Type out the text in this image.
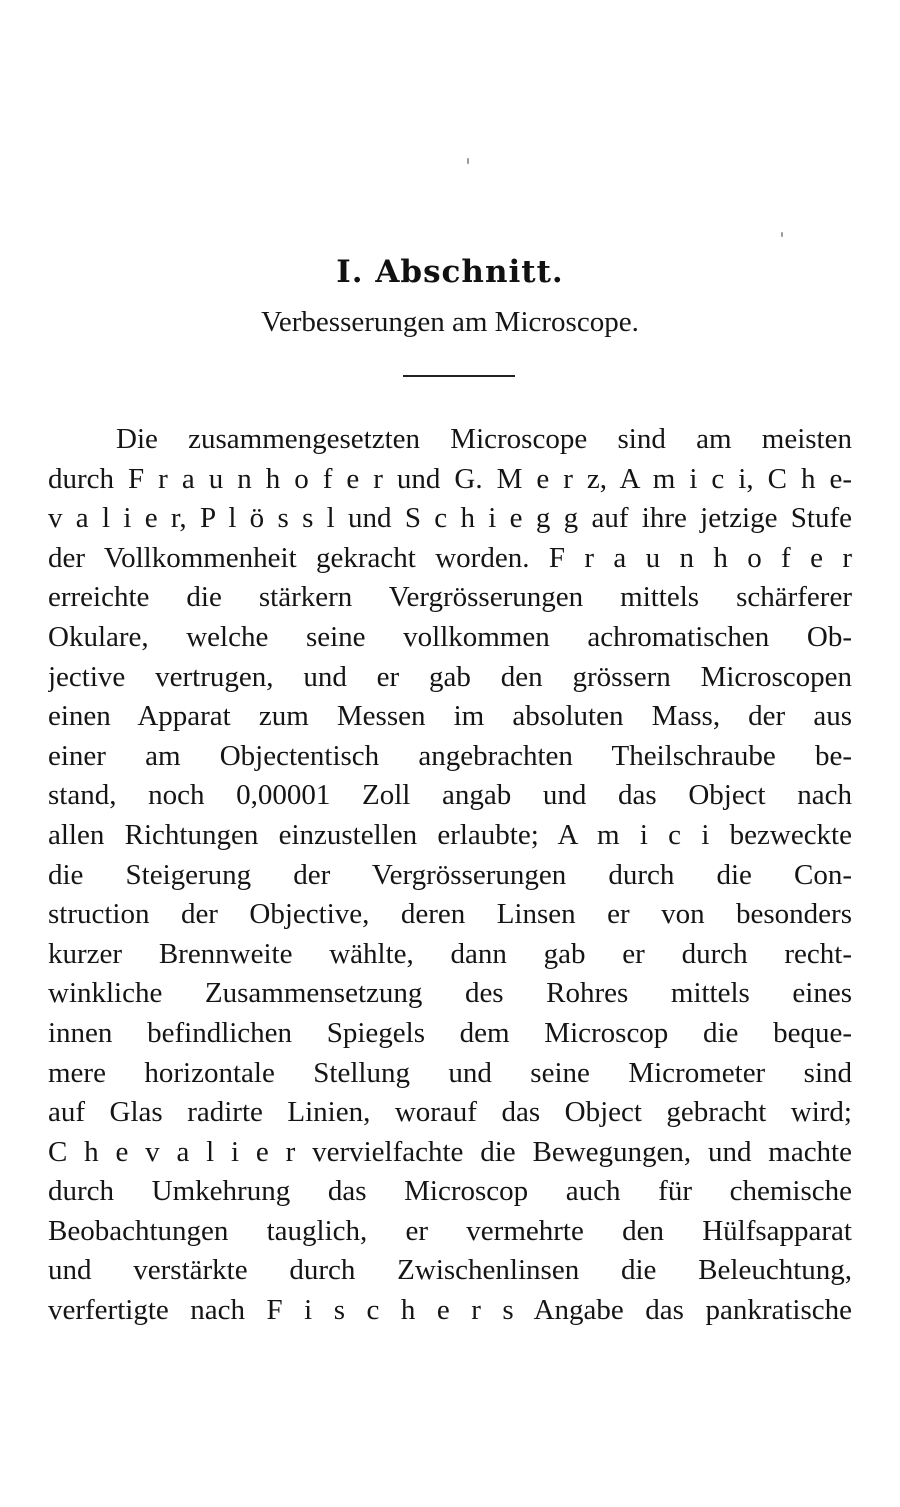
I. Abschnitt.
Verbesserungen am Microscope.
Die zusammengesetzten Microscope sind am meisten
durch F r a u n h o f e r und G. M e r z, A m i c i, C h e-
v a l i e r, P l ö s s l und S c h i e g g auf ihre jetzige Stufe
der Vollkommenheit gekracht worden. F r a u n h o f e r
erreichte die stärkern Vergrösserungen mittels schärferer
Okulare, welche seine vollkommen achromatischen Ob-
jective vertrugen, und er gab den grössern Microscopen
einen Apparat zum Messen im absoluten Mass, der aus
einer am Objectentisch angebrachten Theilschraube be-
stand, noch 0,00001 Zoll angab und das Object nach
allen Richtungen einzustellen erlaubte; A m i c i bezweckte
die Steigerung der Vergrösserungen durch die Con-
struction der Objective, deren Linsen er von besonders
kurzer Brennweite wählte, dann gab er durch recht-
winkliche Zusammensetzung des Rohres mittels eines
innen befindlichen Spiegels dem Microscop die beque-
mere horizontale Stellung und seine Micrometer sind
auf Glas radirte Linien, worauf das Object gebracht wird;
C h e v a l i e r vervielfachte die Bewegungen, und machte
durch Umkehrung das Microscop auch für chemische
Beobachtungen tauglich, er vermehrte den Hülfsapparat
und verstärkte durch Zwischenlinsen die Beleuchtung,
verfertigte nach F i s c h e r s Angabe das pankratische
